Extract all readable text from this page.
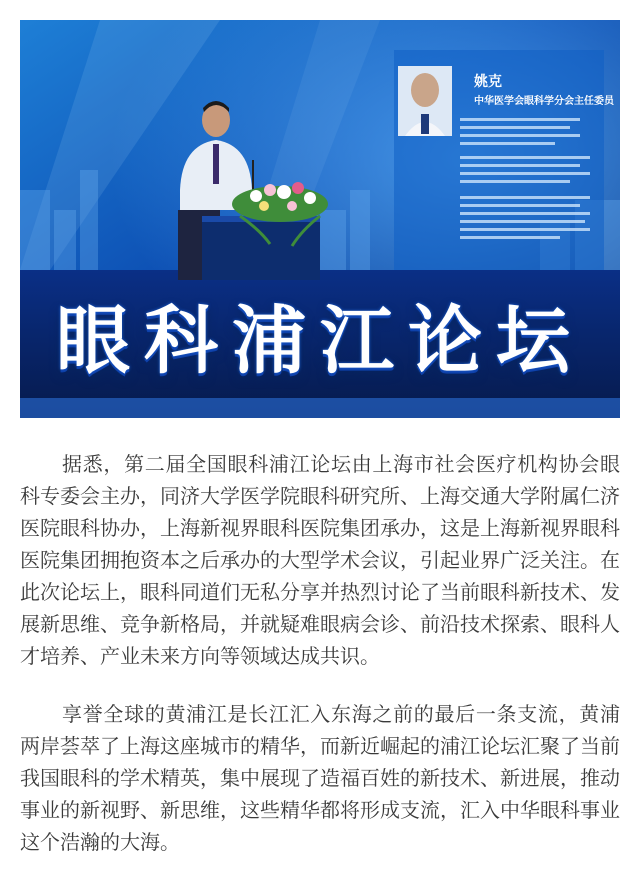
姚克
中华医学会眼科学分会主任委员
眼科浦江论坛

据悉，第二届全国眼科浦江论坛由上海市社会医疗机构协会眼科专委会主办，同济大学医学院眼科研究所、上海交通大学附属仁济医院眼科协办，上海新视界眼科医院集团承办，这是上海新视界眼科医院集团拥抱资本之后承办的大型学术会议，引起业界广泛关注。在此次论坛上，眼科同道们无私分享并热烈讨论了当前眼科新技术、发展新思维、竞争新格局，并就疑难眼病会诊、前沿技术探索、眼科人才培养、产业未来方向等领域达成共识。

享誉全球的黄浦江是长江汇入东海之前的最后一条支流，黄浦两岸荟萃了上海这座城市的精华，而新近崛起的浦江论坛汇聚了当前我国眼科的学术精英，集中展现了造福百姓的新技术、新进展，推动事业的新视野、新思维，这些精华都将形成支流，汇入中华眼科事业这个浩瀚的大海。
